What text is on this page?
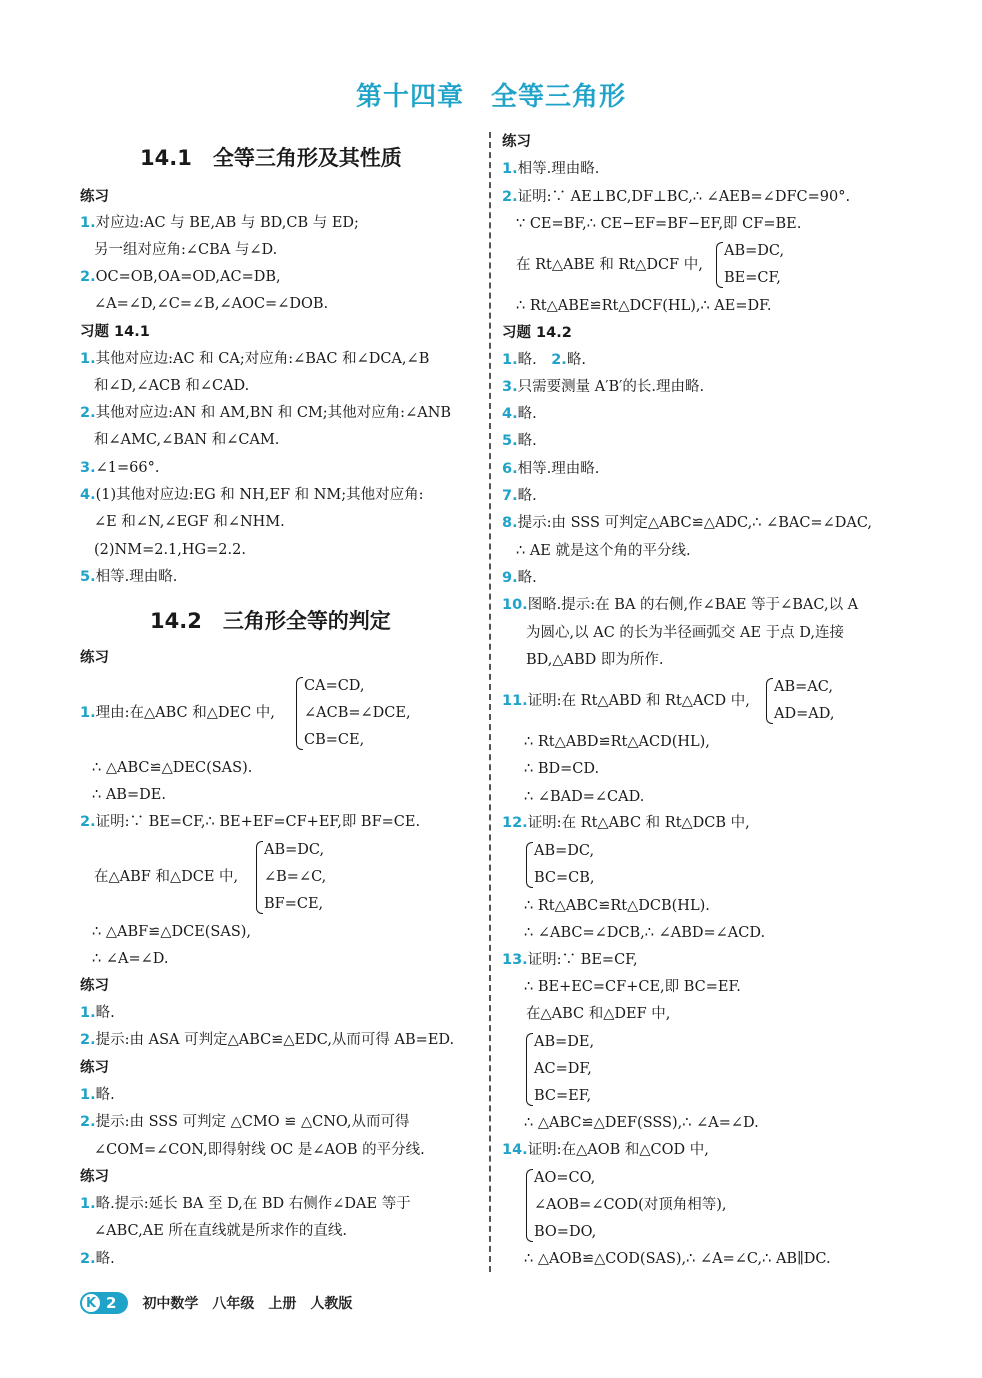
第十四章　全等三角形
14.1　全等三角形及其性质
练习
1.对应边:AC 与 BE,AB 与 BD,CB 与 ED;
另一组对应角:∠CBA 与∠D.
2.OC=OB,OA=OD,AC=DB,
∠A=∠D,∠C=∠B,∠AOC=∠DOB.
习题 14.1
1.其他对应边:AC 和 CA;对应角:∠BAC 和∠DCA,∠B
和∠D,∠ACB 和∠CAD.
2.其他对应边:AN 和 AM,BN 和 CM;其他对应角:∠ANB
和∠AMC,∠BAN 和∠CAM.
3.∠1=66°.
4.(1)其他对应边:EG 和 NH,EF 和 NM;其他对应角:
∠E 和∠N,∠EGF 和∠NHM.
(2)NM=2.1,HG=2.2.
5.相等.理由略.
14.2　三角形全等的判定
练习
1.理由:在△ABC 和△DEC 中,
CA=CD,
∠ACB=∠DCE,
CB=CE,
∴ △ABC≌△DEC(SAS).
∴ AB=DE.
2.证明:∵ BE=CF,∴ BE+EF=CF+EF,即 BF=CE.
在△ABF 和△DCE 中,
AB=DC,
∠B=∠C,
BF=CE,
∴ △ABF≌△DCE(SAS),
∴ ∠A=∠D.
练习
1.略.
2.提示:由 ASA 可判定△ABC≌△EDC,从而可得 AB=ED.
练习
1.略.
2.提示:由 SSS 可判定 △CMO ≌ △CNO,从而可得
∠COM=∠CON,即得射线 OC 是∠AOB 的平分线.
练习
1.略.提示:延长 BA 至 D,在 BD 右侧作∠DAE 等于
∠ABC,AE 所在直线就是所求作的直线.
2.略.
练习
1.相等.理由略.
2.证明:∵ AE⊥BC,DF⊥BC,∴ ∠AEB=∠DFC=90°.
∵ CE=BF,∴ CE−EF=BF−EF,即 CF=BE.
在 Rt△ABE 和 Rt△DCF 中,
AB=DC,
BE=CF,
∴ Rt△ABE≌Rt△DCF(HL),∴ AE=DF.
习题 14.2
1.略.　 2.略.
3.只需要测量 A′B′的长.理由略.
4.略.
5.略.
6.相等.理由略.
7.略.
8.提示:由 SSS 可判定△ABC≌△ADC,∴ ∠BAC=∠DAC,
∴ AE 就是这个角的平分线.
9.略.
10.图略.提示:在 BA 的右侧,作∠BAE 等于∠BAC,以 A
为圆心,以 AC 的长为半径画弧交 AE 于点 D,连接
BD,△ABD 即为所作.
11.证明:在 Rt△ABD 和 Rt△ACD 中,
AB=AC,
AD=AD,
∴ Rt△ABD≌Rt△ACD(HL),
∴ BD=CD.
∴ ∠BAD=∠CAD.
12.证明:在 Rt△ABC 和 Rt△DCB 中,
AB=DC,
BC=CB,
∴ Rt△ABC≌Rt△DCB(HL).
∴ ∠ABC=∠DCB,∴ ∠ABD=∠ACD.
13.证明:∵ BE=CF,
∴ BE+EC=CF+CE,即 BC=EF.
在△ABC 和△DEF 中,
AB=DE,
AC=DF,
BC=EF,
∴ △ABC≌△DEF(SSS),∴ ∠A=∠D.
14.证明:在△AOB 和△COD 中,
AO=CO,
∠AOB=∠COD(对顶角相等),
BO=DO,
∴ △AOB≌△COD(SAS),∴ ∠A=∠C,∴ AB∥DC.
K 2	初中数学　八年级　上册　人教版
